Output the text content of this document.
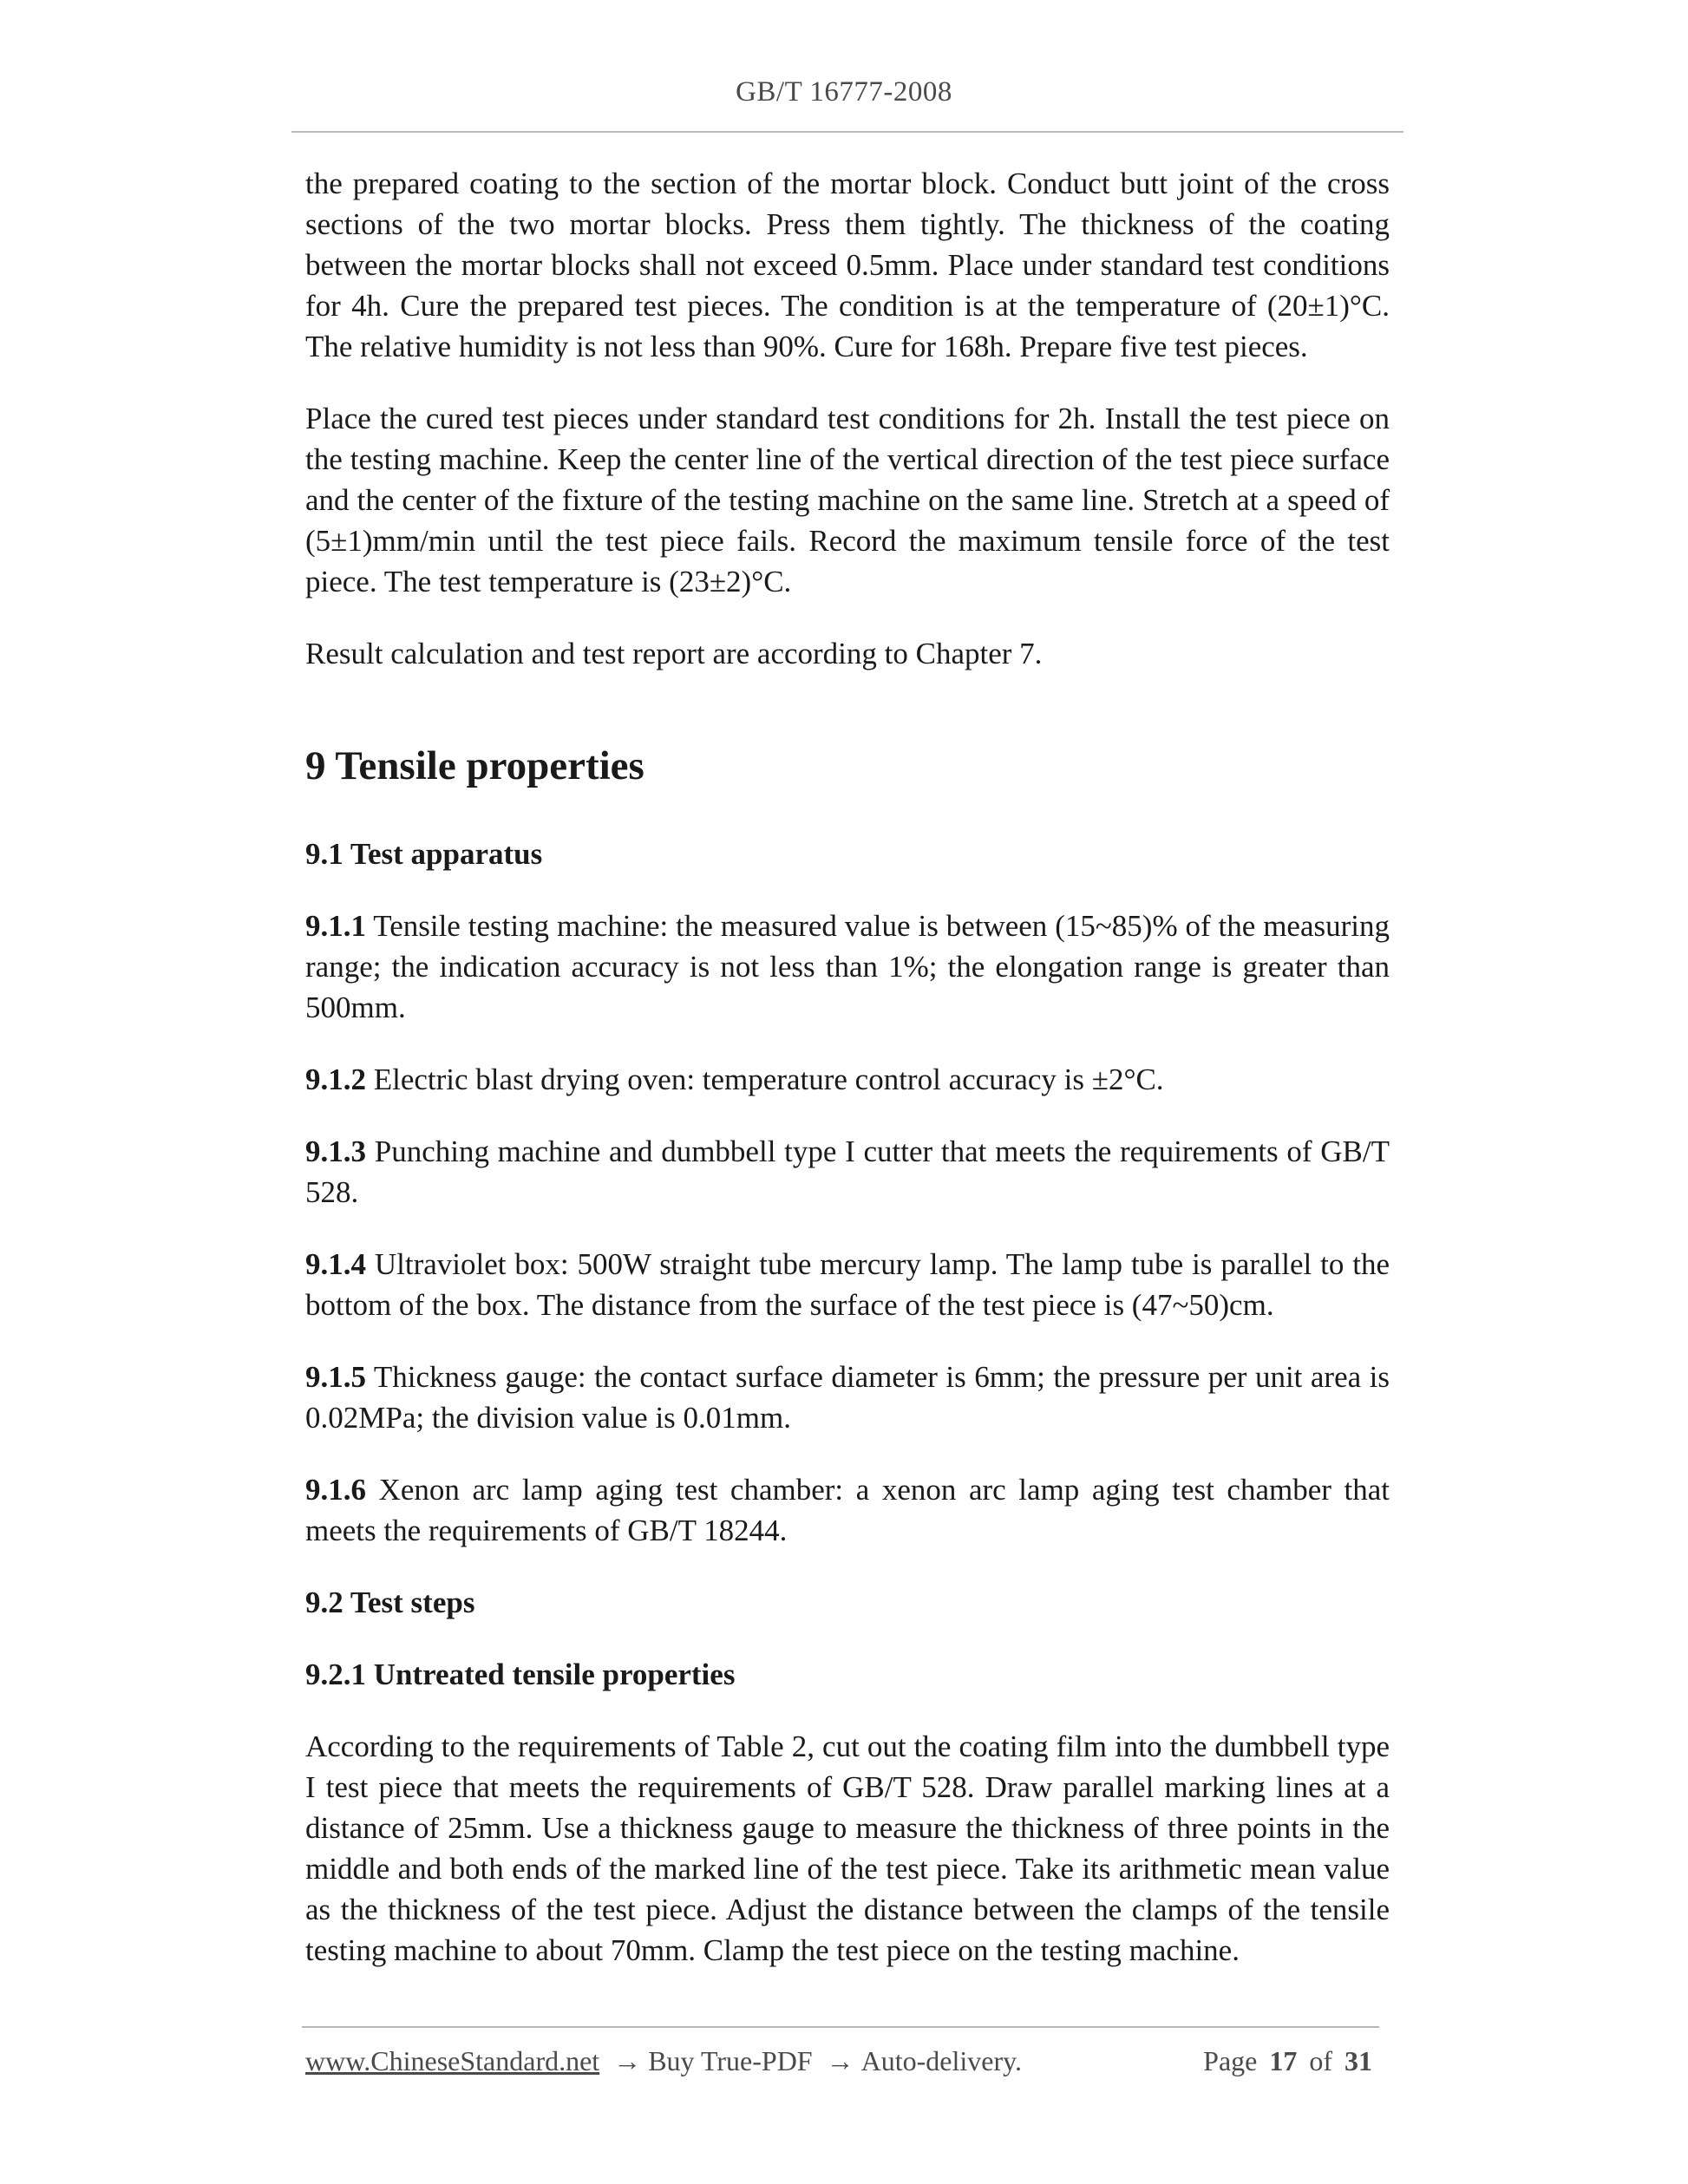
GB/T 16777-2008

the prepared coating to the section of the mortar block. Conduct butt joint of the cross sections of the two mortar blocks. Press them tightly. The thickness of the coating between the mortar blocks shall not exceed 0.5mm. Place under standard test conditions for 4h. Cure the prepared test pieces. The condition is at the temperature of (20±1)°C. The relative humidity is not less than 90%. Cure for 168h. Prepare five test pieces.

Place the cured test pieces under standard test conditions for 2h. Install the test piece on the testing machine. Keep the center line of the vertical direction of the test piece surface and the center of the fixture of the testing machine on the same line. Stretch at a speed of (5±1)mm/min until the test piece fails. Record the maximum tensile force of the test piece. The test temperature is (23±2)°C.

Result calculation and test report are according to Chapter 7.

9 Tensile properties
9.1 Test apparatus

9.1.1 Tensile testing machine: the measured value is between (15~85)% of the measuring range; the indication accuracy is not less than 1%; the elongation range is greater than 500mm.

9.1.2 Electric blast drying oven: temperature control accuracy is ±2°C.

9.1.3 Punching machine and dumbbell type I cutter that meets the requirements of GB/T 528.

9.1.4 Ultraviolet box: 500W straight tube mercury lamp. The lamp tube is parallel to the bottom of the box. The distance from the surface of the test piece is (47~50)cm.

9.1.5 Thickness gauge: the contact surface diameter is 6mm; the pressure per unit area is 0.02MPa; the division value is 0.01mm.

9.1.6 Xenon arc lamp aging test chamber: a xenon arc lamp aging test chamber that meets the requirements of GB/T 18244.

9.2 Test steps
9.2.1 Untreated tensile properties

According to the requirements of Table 2, cut out the coating film into the dumbbell type I test piece that meets the requirements of GB/T 528. Draw parallel marking lines at a distance of 25mm. Use a thickness gauge to measure the thickness of three points in the middle and both ends of the marked line of the test piece. Take its arithmetic mean value as the thickness of the test piece. Adjust the distance between the clamps of the tensile testing machine to about 70mm. Clamp the test piece on the testing machine.

www.ChineseStandard.net → Buy True-PDF → Auto-delivery.	Page 17 of 31
